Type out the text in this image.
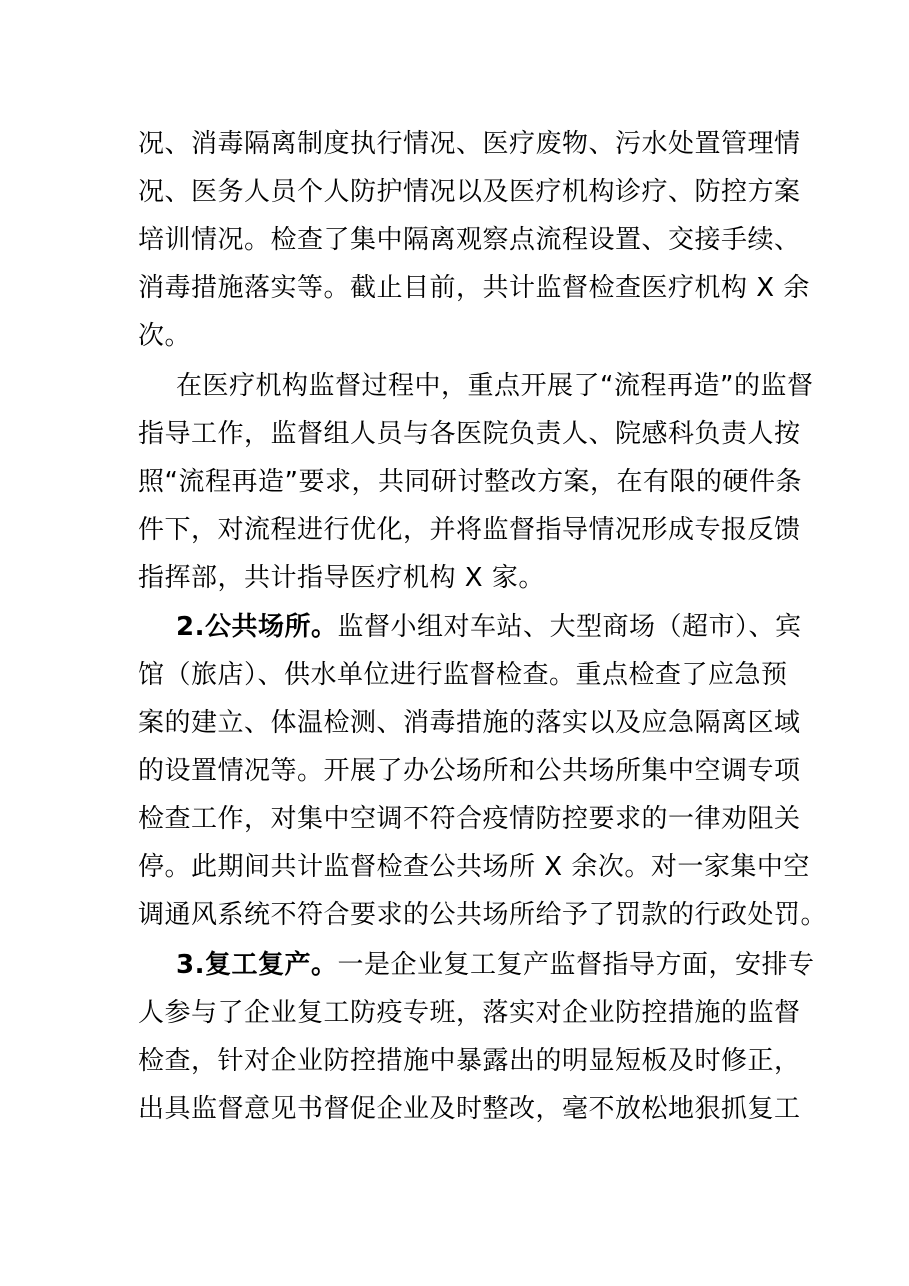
况、消毒隔离制度执行情况、医疗废物、污水处置管理情
况、医务人员个人防护情况以及医疗机构诊疗、防控方案
培训情况。检查了集中隔离观察点流程设置、交接手续、
消毒措施落实等。截止目前，共计监督检查医疗机构 X 余
次。
在医疗机构监督过程中，重点开展了“流程再造”的监督
指导工作，监督组人员与各医院负责人、院感科负责人按
照“流程再造”要求，共同研讨整改方案，在有限的硬件条
件下，对流程进行优化，并将监督指导情况形成专报反馈
指挥部，共计指导医疗机构 X 家。
2.公共场所。监督小组对车站、大型商场（超市）、宾
馆（旅店）、供水单位进行监督检查。重点检查了应急预
案的建立、体温检测、消毒措施的落实以及应急隔离区域
的设置情况等。开展了办公场所和公共场所集中空调专项
检查工作，对集中空调不符合疫情防控要求的一律劝阻关
停。此期间共计监督检查公共场所 X 余次。对一家集中空
调通风系统不符合要求的公共场所给予了罚款的行政处罚。
3.复工复产。一是企业复工复产监督指导方面，安排专
人参与了企业复工防疫专班，落实对企业防控措施的监督
检查，针对企业防控措施中暴露出的明显短板及时修正，
出具监督意见书督促企业及时整改，毫不放松地狠抓复工
